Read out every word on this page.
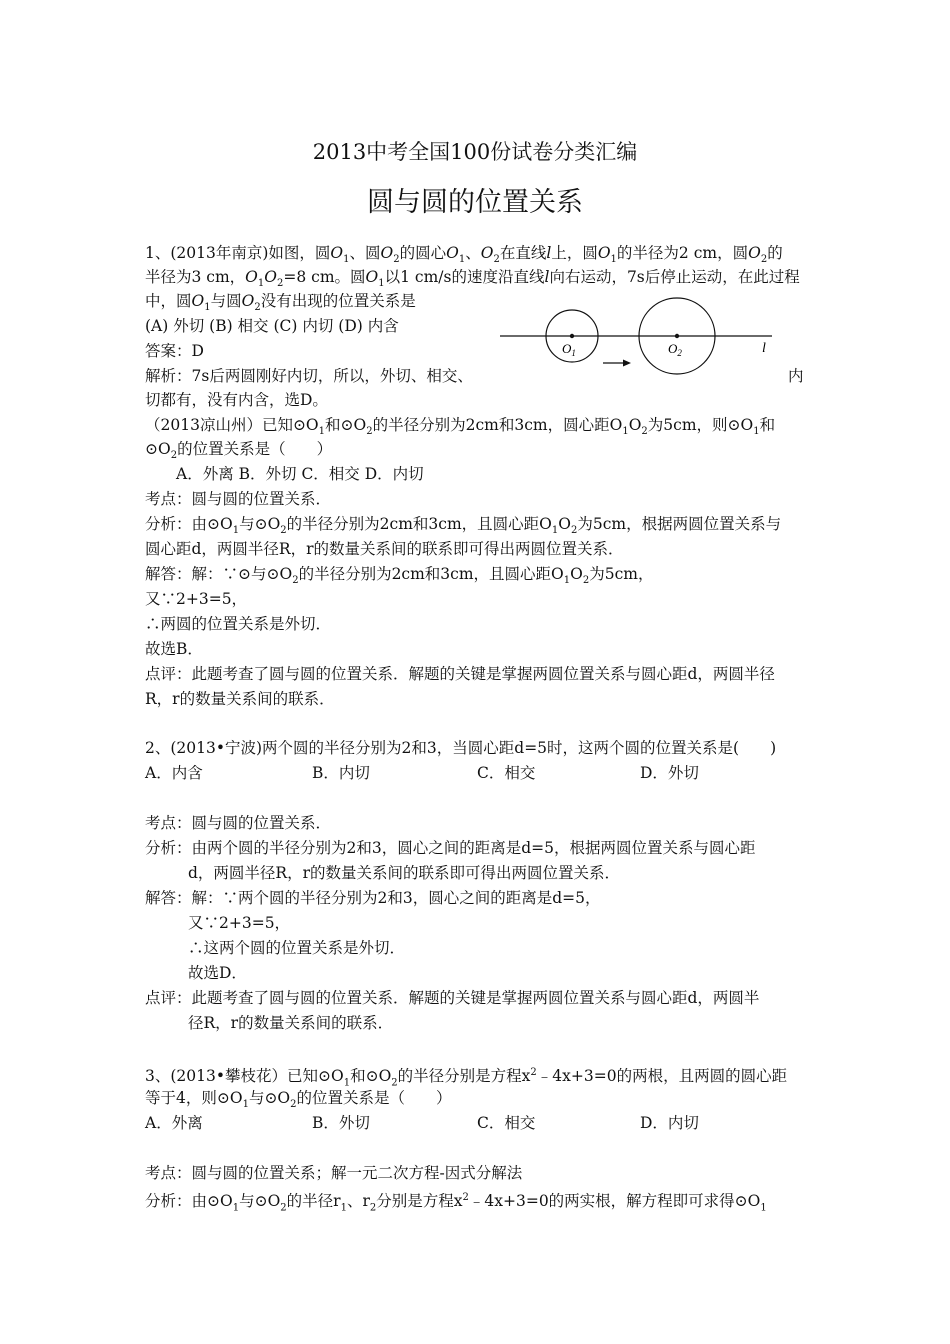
2013中考全国100份试卷分类汇编
圆与圆的位置关系
1、(2013年南京)如图，圆$O_1$、圆$O_2$的圆心$O_1$、$O_2$在直线l上，圆$O_1$的半径为2 cm，圆$O_2$的
半径为3 cm，$O_1O_2=8$ cm。圆$O_1$以1 cm/s的速度沿直线l向右运动，7s后停止运动，在此过程
中，圆$O_1$与圆$O_2$没有出现的位置关系是
(A) 外切 (B) 相交 (C) 内切 (D) 内含
答案：D
解析：7s后两圆刚好内切，所以，外切、相交、	内
切都有，没有内含，选D。
$O_1$	$O_2$	l
（2013凉山州）已知$⊙O_1$和$⊙O_2$的半径分别为2cm和3cm，圆心距$O_1O_2$为5cm，则$⊙O_1$和
$⊙O_2$的位置关系是（　　）
A．外离 B．外切 C．相交 D．内切
考点：圆与圆的位置关系．
分析：由$⊙O_1$与$⊙O_2$的半径分别为2cm和3cm，且圆心距$O_1O_2$为5cm，根据两圆位置关系与
圆心距d，两圆半径R，r的数量关系间的联系即可得出两圆位置关系．
解答：解：∵⊙与$⊙O_2$的半径分别为2cm和3cm，且圆心距$O_1O_2$为5cm，
又∵2+3=5，
∴两圆的位置关系是外切．
故选B．
点评：此题考查了圆与圆的位置关系．解题的关键是掌握两圆位置关系与圆心距d，两圆半径
R，r的数量关系间的联系．
2、(2013•宁波)两个圆的半径分别为2和3，当圆心距d=5时，这两个圆的位置关系是(　　)
A．内含	B．内切	C．相交	D．外切
考点：圆与圆的位置关系．
分析：由两个圆的半径分别为2和3，圆心之间的距离是d=5，根据两圆位置关系与圆心距
d，两圆半径R，r的数量关系间的联系即可得出两圆位置关系．
解答：解：∵两个圆的半径分别为2和3，圆心之间的距离是d=5，
又∵2+3=5，
∴这两个圆的位置关系是外切．
故选D．
点评：此题考查了圆与圆的位置关系．解题的关键是掌握两圆位置关系与圆心距d，两圆半
径R，r的数量关系间的联系．
3、(2013•攀枝花）已知$⊙O_1$和$⊙O_2$的半径分别是方程$x^2﹣4x+3=0$的两根，且两圆的圆心距
等于4，则$⊙O_1$与$⊙O_2$的位置关系是（　　）
A．外离	B．外切	C．相交	D．内切
考点：圆与圆的位置关系；解一元二次方程-因式分解法
分析：由$⊙O_1$与$⊙O_2$的半径$r_1$、$r_2$分别是方程$x^2﹣4x+3=0$的两实根，解方程即可求得$⊙O_1$
